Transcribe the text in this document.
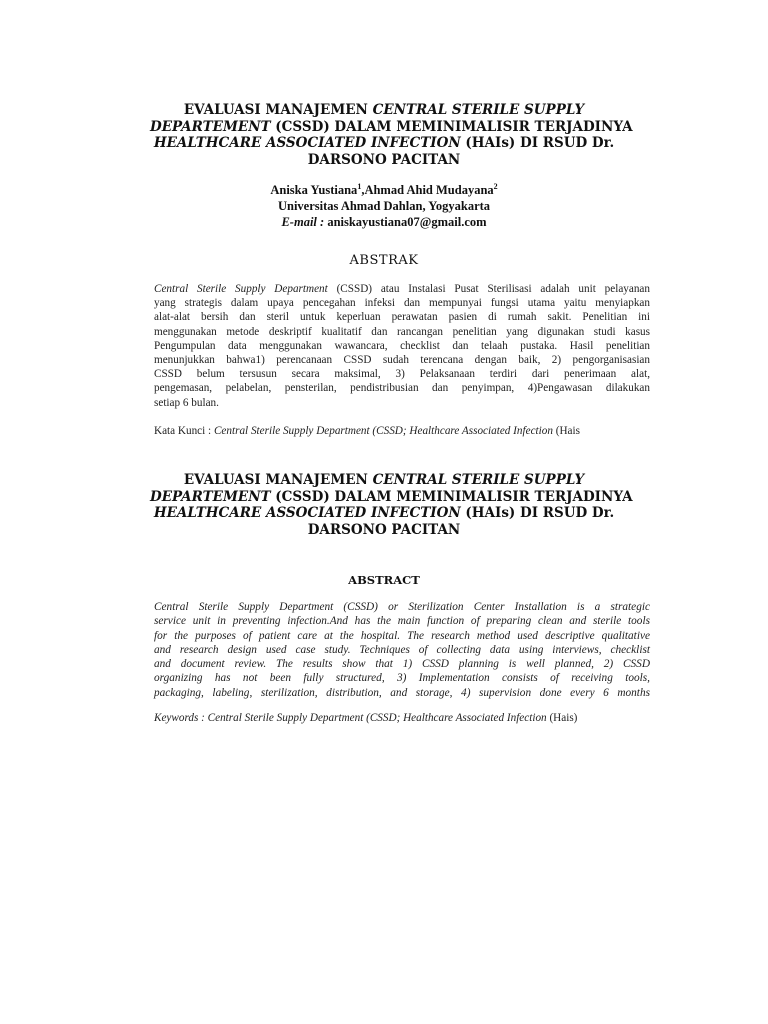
EVALUASI MANAJEMEN CENTRAL STERILE SUPPLY
DEPARTEMENT (CSSD) DALAM MEMINIMALISIR TERJADINYA
HEALTHCARE ASSOCIATED INFECTION (HAIs) DI RSUD Dr.
DARSONO PACITAN
Aniska Yustiana$^1$,Ahmad Ahid Mudayana$^2$
Universitas Ahmad Dahlan, Yogyakarta
E-mail : aniskayustiana07@gmail.com
ABSTRAK
Central Sterile Supply Department (CSSD) atau Instalasi Pusat Sterilisasi adalah unit pelayanan
yang strategis dalam upaya pencegahan infeksi dan mempunyai fungsi utama yaitu menyiapkan
alat-alat bersih dan steril untuk keperluan perawatan pasien di rumah sakit. Penelitian ini
menggunakan metode deskriptif kualitatif dan rancangan penelitian yang digunakan studi kasus
Pengumpulan data menggunakan wawancara, checklist dan telaah pustaka. Hasil penelitian
menunjukkan bahwa1) perencanaan CSSD sudah terencana dengan baik, 2) pengorganisasian
CSSD belum tersusun secara maksimal, 3) Pelaksanaan terdiri dari penerimaan alat,
pengemasan, pelabelan, pensterilan, pendistribusian dan penyimpan, 4)Pengawasan dilakukan
setiap 6 bulan.
Kata Kunci : Central Sterile Supply Department (CSSD; Healthcare Associated Infection (Hais
EVALUASI MANAJEMEN CENTRAL STERILE SUPPLY
DEPARTEMENT (CSSD) DALAM MEMINIMALISIR TERJADINYA
HEALTHCARE ASSOCIATED INFECTION (HAIs) DI RSUD Dr.
DARSONO PACITAN
ABSTRACT
Central Sterile Supply Department (CSSD) or Sterilization Center Installation is a strategic
service unit in preventing infection.And has the main function of preparing clean and sterile tools
for the purposes of patient care at the hospital. The research method used descriptive qualitative
and research design used case study. Techniques of collecting data using interviews, checklist
and document review. The results show that 1) CSSD planning is well planned, 2) CSSD
organizing has not been fully structured, 3) Implementation consists of receiving tools,
packaging, labeling, sterilization, distribution, and storage, 4) supervision done every 6 months
Keywords : Central Sterile Supply Department (CSSD; Healthcare Associated Infection (Hais)
